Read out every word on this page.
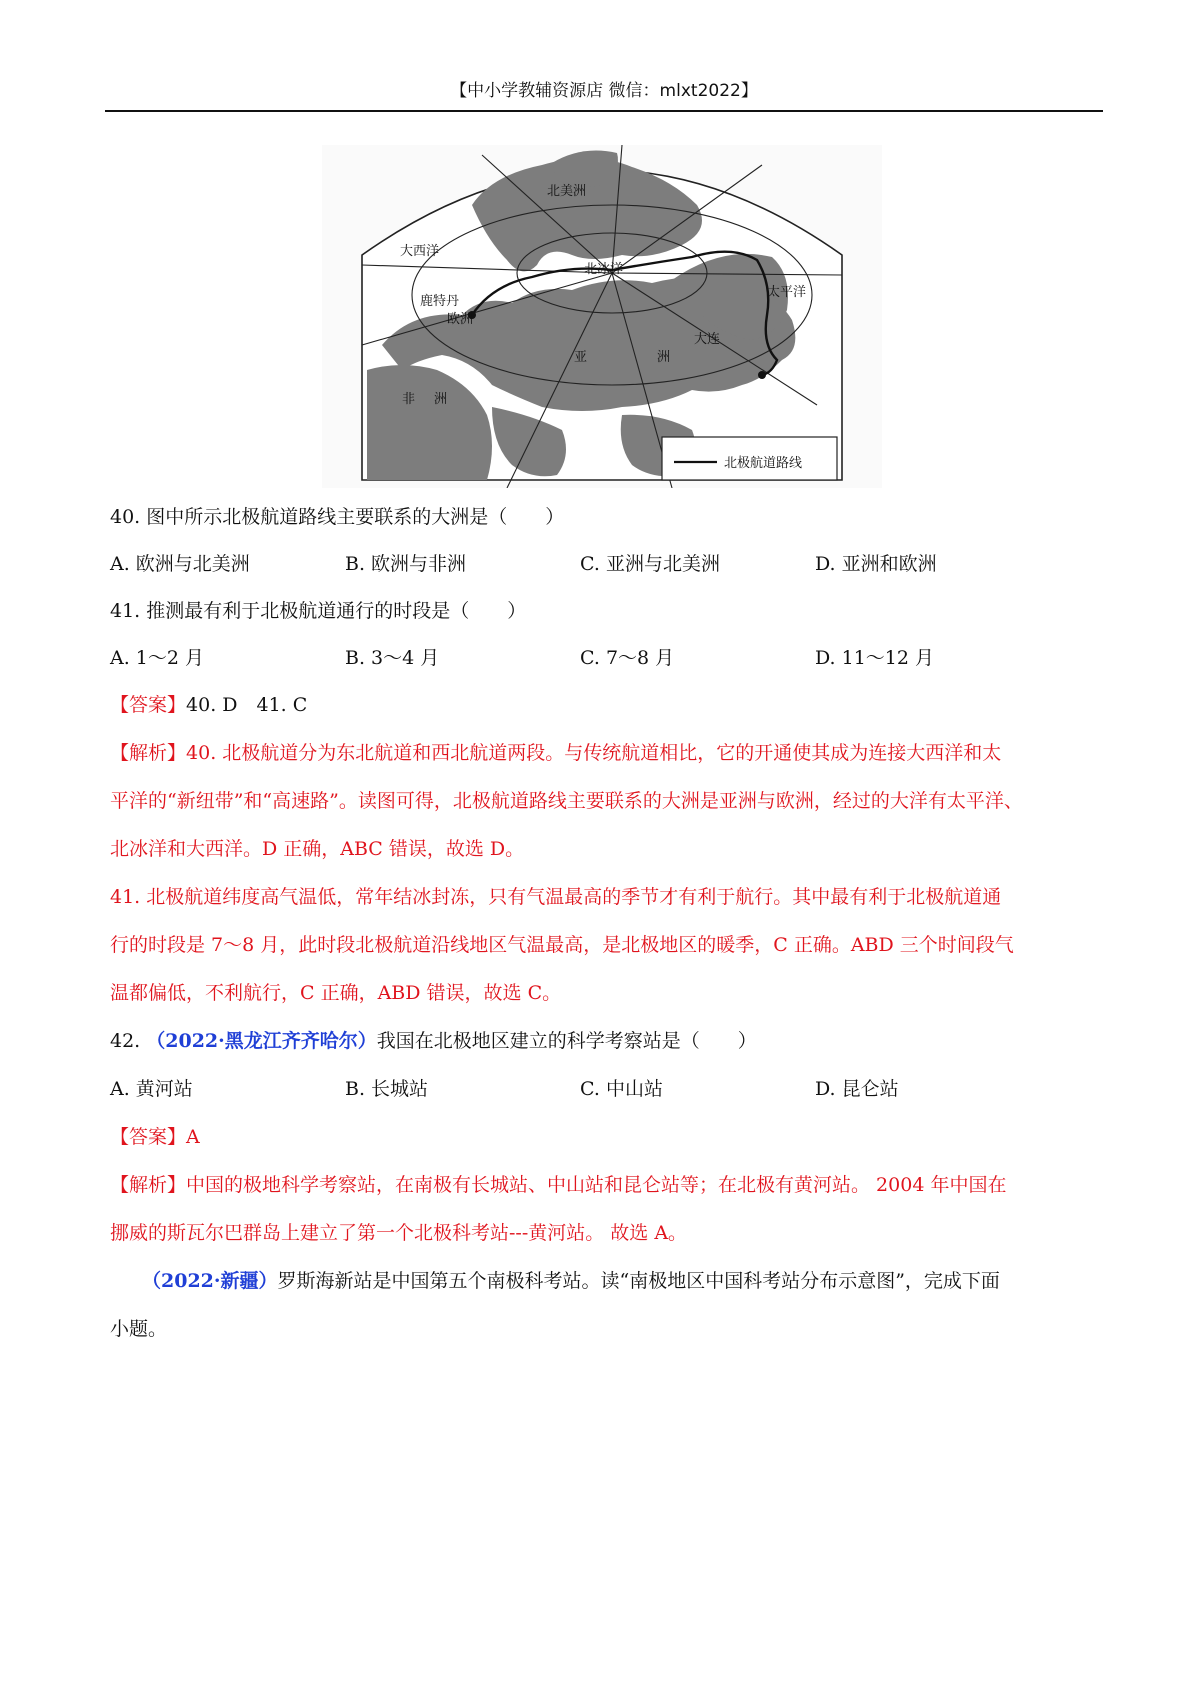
【中小学教辅资源店 微信：mlxt2022】
北美洲
大西洋
北冰洋
太平洋
鹿特丹
欧洲
亚	洲
非 洲
大连
北极航道路线
40. 图中所示北极航道路线主要联系的大洲是（　　）
A. 欧洲与北美洲	B. 欧洲与非洲	C. 亚洲与北美洲	D. 亚洲和欧洲
41. 推测最有利于北极航道通行的时段是（　　）
A. 1～2 月	B. 3～4 月	C. 7～8 月	D. 11～12 月
【答案】40. D　41. C
【解析】40. 北极航道分为东北航道和西北航道两段。与传统航道相比，它的开通使其成为连接大西洋和太
平洋的“新纽带”和“高速路”。读图可得，北极航道路线主要联系的大洲是亚洲与欧洲，经过的大洋有太平洋、
北冰洋和大西洋。D 正确，ABC 错误，故选 D。
41. 北极航道纬度高气温低，常年结冰封冻，只有气温最高的季节才有利于航行。其中最有利于北极航道通
行的时段是 7～8 月，此时段北极航道沿线地区气温最高，是北极地区的暖季，C 正确。ABD 三个时间段气
温都偏低，不利航行，C 正确，ABD 错误，故选 C。
42. （2022·黑龙江齐齐哈尔）我国在北极地区建立的科学考察站是（　　）
A. 黄河站	B. 长城站	C. 中山站	D. 昆仑站
【答案】A
【解析】中国的极地科学考察站，在南极有长城站、中山站和昆仑站等；在北极有黄河站。 2004 年中国在
挪威的斯瓦尔巴群岛上建立了第一个北极科考站---黄河站。 故选 A。
（2022·新疆）罗斯海新站是中国第五个南极科考站。读“南极地区中国科考站分布示意图”，完成下面
小题。
